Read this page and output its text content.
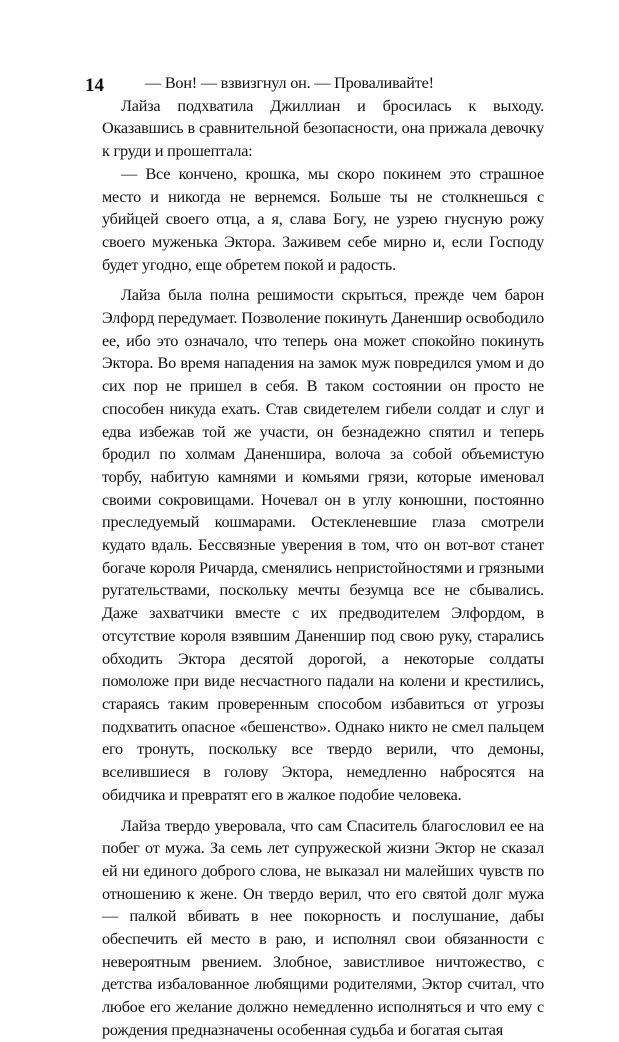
14	— Вон! — взвизгнул он. — Проваливайте!

Лайза подхватила Джиллиан и бросилась к выходу. Оказавшись в сравнительной безопасности, она прижала девочку к груди и прошептала:

— Все кончено, крошка, мы скоро покинем это страшное место и никогда не вернемся. Больше ты не столкнешься с убийцей своего отца, а я, слава Богу, не узрею гнусную рожу своего муженька Эктора. Заживем себе мирно и, если Господу будет угодно, еще обретем покой и радость.

Лайза была полна решимости скрыться, прежде чем барон Элфорд передумает. Позволение покинуть Даненшир освободило ее, ибо это означало, что теперь она может спокойно покинуть Эктора. Во время нападения на замок муж повредился умом и до сих пор не пришел в себя. В таком состоянии он просто не способен никуда ехать. Став свидетелем гибели солдат и слуг и едва избежав той же участи, он безнадежно спятил и теперь бродил по холмам Даненшира, волоча за собой объемистую торбу, набитую камнями и комьями грязи, которые именовал своими сокровищами. Ночевал он в углу конюшни, постоянно преследуемый кошмарами. Остекленевшие глаза смотрели кудато вдаль. Бессвязные уверения в том, что он вот-вот станет богаче короля Ричарда, сменялись непристойностями и грязными ругательствами, поскольку мечты безумца все не сбывались. Даже захватчики вместе с их предводителем Элфордом, в отсутствие короля взявшим Даненшир под свою руку, старались обходить Эктора десятой дорогой, а некоторые солдаты помоложе при виде несчастного падали на колени и крестились, стараясь таким проверенным способом избавиться от угрозы подхватить опасное «бешенство». Однако никто не смел пальцем его тронуть, поскольку все твердо верили, что демоны, вселившиеся в голову Эктора, немедленно набросятся на обидчика и превратят его в жалкое подобие человека.

Лайза твердо уверовала, что сам Спаситель благословил ее на побег от мужа. За семь лет супружеской жизни Эктор не сказал ей ни единого доброго слова, не выказал ни малейших чувств по отношению к жене. Он твердо верил, что его святой долг мужа — палкой вбивать в нее покорность и послушание, дабы обеспечить ей место в раю, и исполнял свои обязанности с невероятным рвением. Злобное, завистливое ничтожество, с детства избалованное любящими родителями, Эктор считал, что любое его желание должно немедленно исполняться и что ему с рождения предназначены особенная судьба и богатая сытая
